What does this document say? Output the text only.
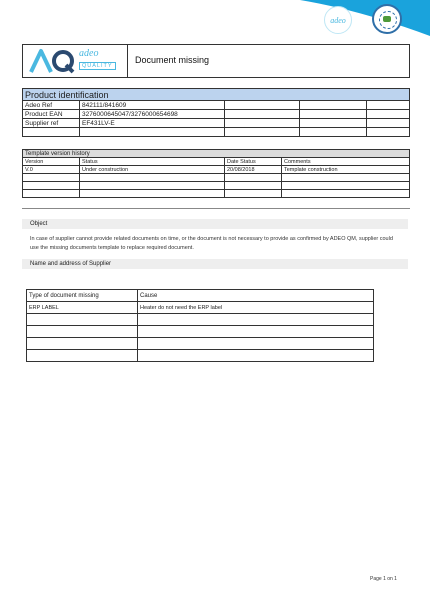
adeo
adeo
QUALITY
Document missing
Product identification				
Adeo Ref	842111/841609			
Product EAN	3276000645047/3276000654698			
Supplier ref	EF431LV-E			

Template version history			
Version	Status	Date Status	Comments
V.0	Under construction	20/08/2018	Template construction

Object
In case of supplier cannot provide related documents on time, or the document is not necessary to provide as confirmed by ADEO QM, supplier could use the missing documents template to replace required document.
Name and address of Supplier
Type of document missing	Cause
ERP LABEL	Heater do not need the ERP label

Page 1 on 1
